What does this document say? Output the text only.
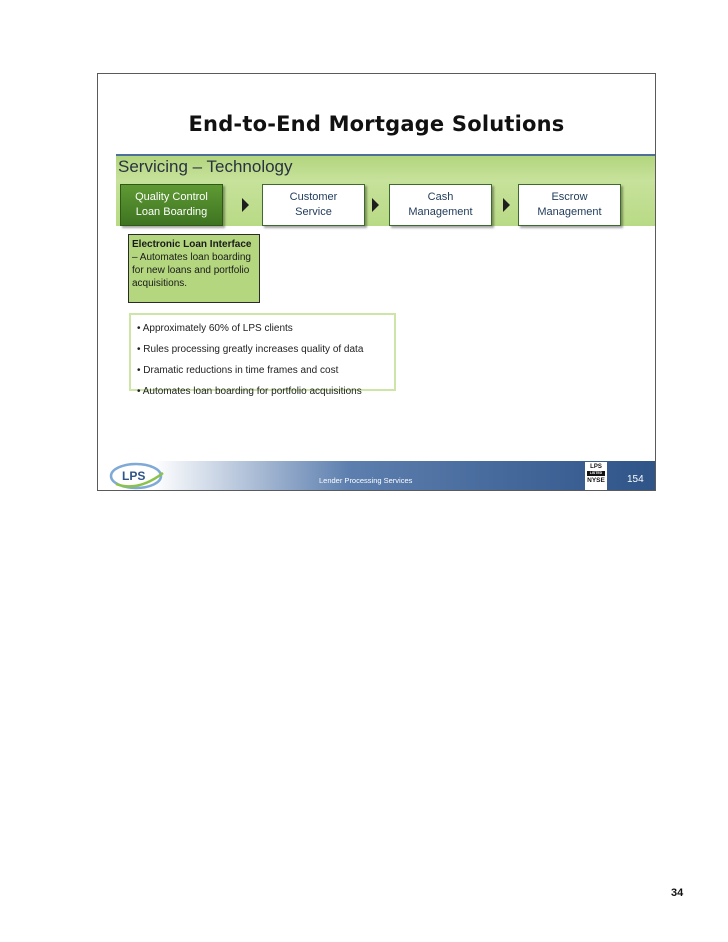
End-to-End Mortgage Solutions
Servicing – Technology
Quality Control
Loan Boarding
Customer
Service
Cash
Management
Escrow
Management
Electronic Loan Interface – Automates loan boarding for new loans and portfolio acquisitions.
• Approximately 60% of LPS clients
• Rules processing greatly increases quality of data
• Dramatic reductions in time frames and cost
• Automates loan boarding for portfolio acquisitions
LPS	Lender Processing Services
LPS
LISTED
NYSE 154
34
